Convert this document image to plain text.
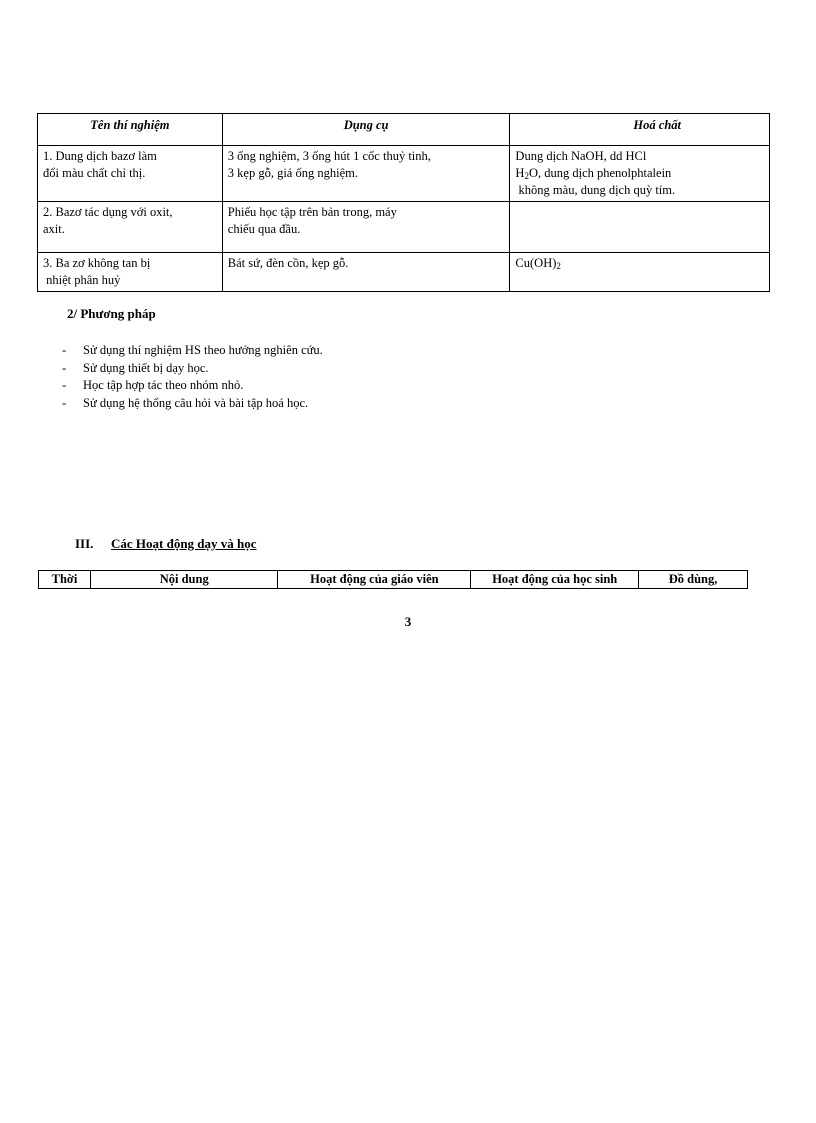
Tên thí nghiệm	Dụng cụ	Hoá chất

1. Dung dịch bazơ làm
đổi màu chất chỉ thị.	3 ống nghiệm, 3 ống hút 1 cốc thuỷ tinh,
3 kẹp gỗ, giá ống nghiệm.	Dung dịch NaOH, dd HCl
$H_2O$, dung dịch phenolphtalein
không màu, dung dịch quỳ tím.

2. Bazơ tác dụng với oxit,
axit.	Phiếu học tập trên bản trong, máy
chiếu qua đầu.	

3. Ba zơ không tan bị
nhiệt phân huỷ	Bát sứ, đèn cồn, kẹp gỗ.	$Cu(OH)_2$
2/ Phương pháp
- Sử dụng thí nghiệm HS theo hướng nghiên cứu.
- Sử dụng thiết bị dạy học.
- Học tập hợp tác theo nhóm nhỏ.
- Sử dụng hệ thống câu hỏi và bài tập hoá học.
III. Các Hoạt động dạy và học
Thời	Nội dung	Hoạt động của giáo viên	Hoạt động của học sinh	Đồ dùng,
3
